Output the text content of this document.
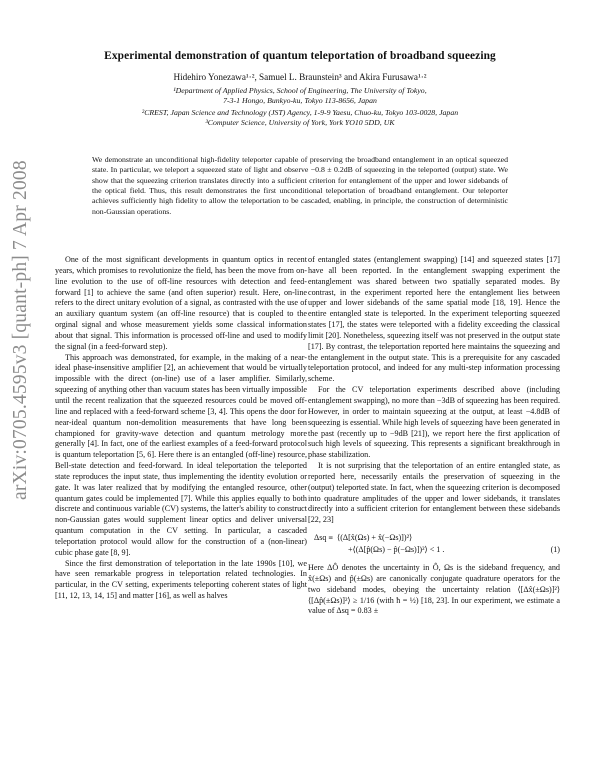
arXiv:0705.4595v3 [quant-ph] 7 Apr 2008
Experimental demonstration of quantum teleportation of broadband squeezing
Hidehiro Yonezawa¹·², Samuel L. Braunstein³ and Akira Furusawa¹·²
¹Department of Applied Physics, School of Engineering, The University of Tokyo,
7-3-1 Hongo, Bunkyo-ku, Tokyo 113-8656, Japan
²CREST, Japan Science and Technology (JST) Agency, 1-9-9 Yaesu, Chuo-ku, Tokyo 103-0028, Japan
³Computer Science, University of York, York YO10 5DD, UK
We demonstrate an unconditional high-fidelity teleporter capable of preserving the broadband entanglement in an optical squeezed state. In particular, we teleport a squeezed state of light and observe −0.8 ± 0.2dB of squeezing in the teleported (output) state. We show that the squeezing criterion translates directly into a sufficient criterion for entanglement of the upper and lower sidebands of the optical field. Thus, this result demonstrates the first unconditional teleportation of broadband entanglement. Our teleporter achieves sufficiently high fidelity to allow the teleportation to be cascaded, enabling, in principle, the construction of deterministic non-Gaussian operations.

One of the most significant developments in quantum optics in recent years, which promises to revolutionize the field, has been the move from on-line evolution to the use of off-line resources with detection and feed-forward [1] to achieve the same (and often superior) result. Here, on-line refers to the direct unitary evolution of a signal, as contrasted with the use of an auxiliary quantum system (an off-line resource) that is coupled to the orginal signal and whose measurement yields some classical information about that signal. This information is processed off-line and used to modify the signal (in a feed-forward step).

This approach was demonstrated, for example, in the making of a near-ideal phase-insensitive amplifier [2], an achievement that would be virtually impossible with the direct (on-line) use of a laser amplifier. Similarly, squeezing of anything other than vacuum states has been virtually impossible until the recent realization that the squeezed resources could be moved off-line and replaced with a feed-forward scheme [3, 4]. This opens the door for near-ideal quantum non-demolition measurements that have long been championed for gravity-wave detection and quantum metrology more generally [4]. In fact, one of the earliest examples of a feed-forward protocol is quantum teleportation [5, 6]. Here there is an entangled (off-line) resource, Bell-state detection and feed-forward. In ideal teleportation the teleported state reproduces the input state, thus implementing the identity evolution or gate. It was later realized that by modifying the entangled resource, other quantum gates could be implemented [7]. While this applies equally to both discrete and continuous variable (CV) systems, the latter's ability to construct non-Gaussian gates would supplement linear optics and deliver universal quantum computation in the CV setting. In particular, a cascaded teleportation protocol would allow for the construction of a (non-linear) cubic phase gate [8, 9].

Since the first demonstration of teleportation in the late 1990s [10], we have seen remarkable progress in teleportation related technologies. In particular, in the CV setting, experiments teleporting coherent states of light [11, 12, 13, 14, 15] and matter [16], as well as halves

of entangled states (entanglement swapping) [14] and squeezed states [17] have all been reported. In the entanglement swapping experiment the entanglement was shared between two spatially separated modes. By contrast, in the experiment reported here the entanglement lies between upper and lower sidebands of the same spatial mode [18, 19]. Hence the entire entangled state is teleported. In the experiment teleporting squeezed states [17], the states were teleported with a fidelity exceeding the classical limit [20]. Nonetheless, squeezing itself was not preserved in the output state [17]. By contrast, the teleportation reported here maintains the squeezing and the entanglement in the output state. This is a prerequisite for any cascaded teleportation protocol, and indeed for any multi-step information processing scheme.

For the CV teleportation experiments described above (including entanglement swapping), no more than −3dB of squeezing has been required. However, in order to maintain squeezing at the output, at least −4.8dB of squeezing is essential. While high levels of squeezing have been generated in the past (recently up to −9dB [21]), we report here the first application of such high levels of squeezing. This represents a significant breakthrough in phase stabilization.

It is not surprising that the teleportation of an entire entangled state, as reported here, necessarily entails the preservation of squeezing in the (output) teleported state. In fact, when the squeezing criterion is decomposed into quadrature amplitudes of the upper and lower sidebands, it translates directly into a sufficient criterion for entanglement between these sidebands [22, 23]

Δsq ≡ ⟨(Δ[x̂(Ωs) + x̂(−Ωs)])²⟩
+⟨(Δ[p̂(Ωs) − p̂(−Ωs)])²⟩ < 1 .	(1)

Here ΔÔ denotes the uncertainty in Ô, Ωs is the sideband frequency, and x̂(±Ωs) and p̂(±Ωs) are canonically conjugate quadrature operators for the two sideband modes, obeying the uncertainty relation ⟨[Δx̂(±Ωs)]²⟩⟨[Δp̂(±Ωs)]²⟩ ≥ 1/16 (with ħ = ½) [18, 23]. In our experiment, we estimate a value of Δsq = 0.83 ±
